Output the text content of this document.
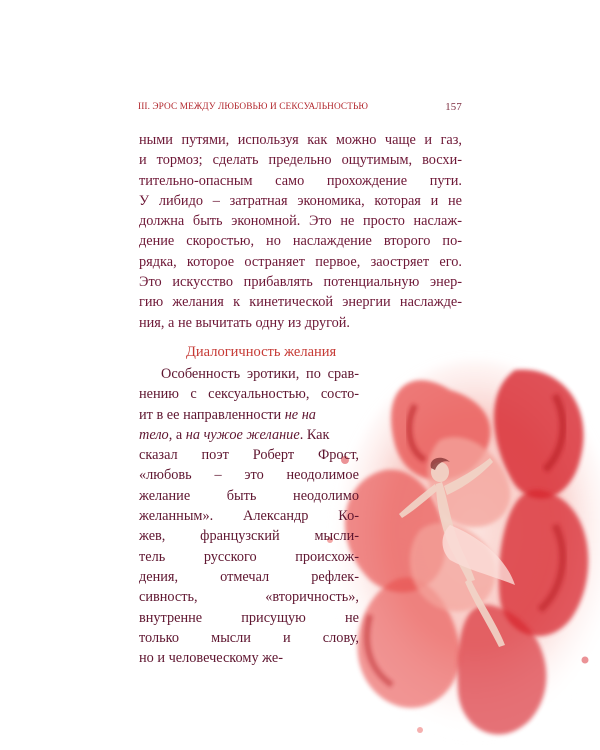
III. ЭРОС МЕЖДУ ЛЮБОВЬЮ И СЕКСУАЛЬНОСТЬЮ	157
ными путями, используя как можно чаще и газ,
и тормоз; сделать предельно ощутимым, восхи-
тительно-опасным само прохождение пути.
У либидо – затратная экономика, которая и не
должна быть экономной. Это не просто наслаж-
дение скоростью, но наслаждение второго по-
рядка, которое остраняет первое, заостряет его.
Это искусство прибавлять потенциальную энер-
гию желания к кинетической энергии наслажде-
ния, а не вычитать одну из другой.
Диалогичность желания
Особенность эротики, по срав-
нению с сексуальностью, состо-
ит в ее направленности не на
телo, а на чужое желание. Как
сказал поэт Роберт Фрост,
«любовь – это неодолимое
желание быть неодолимо
желанным». Александр Ко-
жев, французский мысли-
тель русского происхож-
дения, отмечал рефлек-
сивность, «вторичность»,
внутренне присущую не
только мысли и слову,
но и человеческому же-
